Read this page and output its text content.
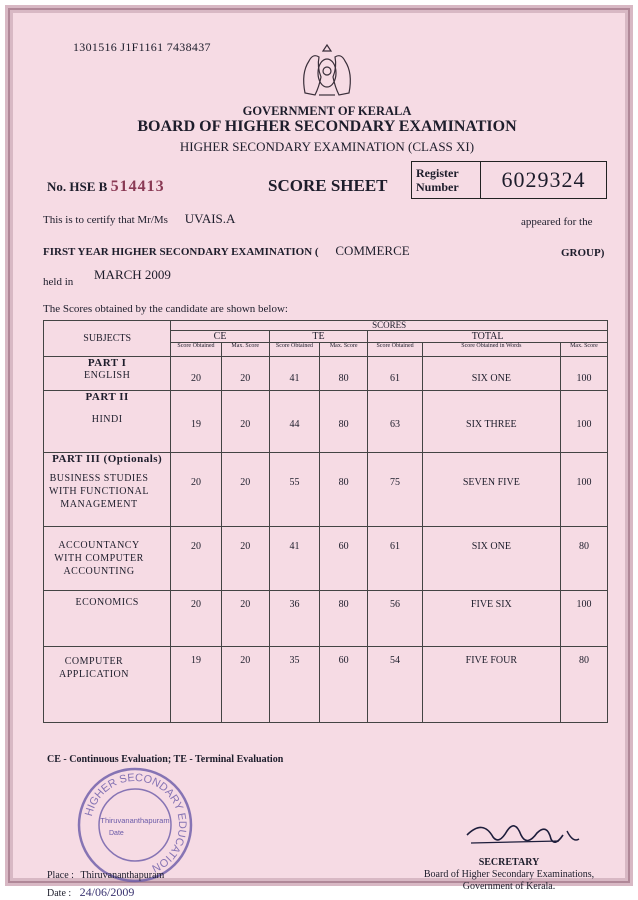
1301516 J1F1161 7438437
GOVERNMENT OF KERALA
BOARD OF HIGHER SECONDARY EXAMINATION
HIGHER SECONDARY EXAMINATION (CLASS XI)
No. HSE B 514413	SCORE SHEET
Register
Number	6029324
This is to certify that Mr/Ms UVAIS.A	appeared for the
FIRST YEAR HIGHER SECONDARY EXAMINATION ( COMMERCE	GROUP)
held in MARCH 2009
The Scores obtained by the candidate are shown below:
SUBJECTS	SCORES						
	CE		TE		TOTAL		
	Score Obtained	Max. Score	Score Obtained	Max. Score	Score Obtained	Score Obtained in Words	Max. Score

PART I
ENGLISH	20	20	41	80	61	SIX ONE	100

PART II
HINDI	19	20	44	80	63	SIX THREE	100

PART III (Optionals)
BUSINESS STUDIES WITH FUNCTIONAL MANAGEMENT	20	20	55	80	75	SEVEN FIVE	100

ACCOUNTANCY WITH COMPUTER ACCOUNTING	20	20	41	60	61	SIX ONE	80

ECONOMICS	20	20	36	80	56	FIVE SIX	100

COMPUTER APPLICATION	19	20	35	60	54	FIVE FOUR	80
CE - Continuous Evaluation; TE - Terminal Evaluation
HIGHER SECONDARY EDUCATION
Thiruvananthapuram
Date
Place : Thiruvananthapuram
Date : 24/06/2009
SECRETARY
Board of Higher Secondary Examinations,
Government of Kerala.
